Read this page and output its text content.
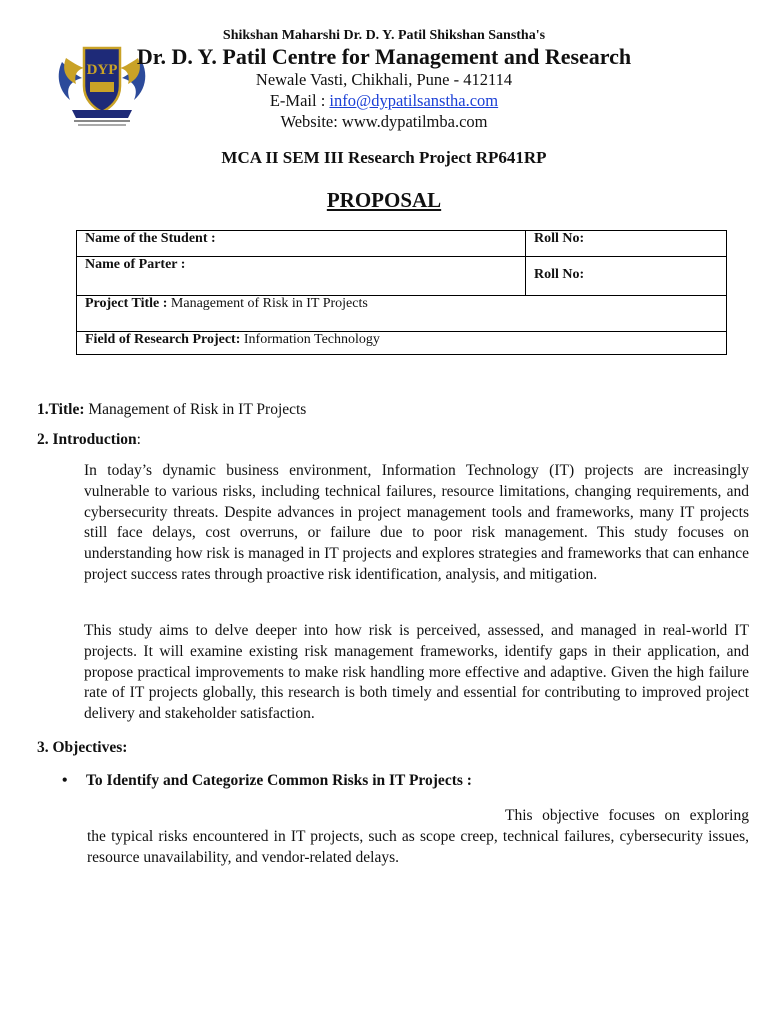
DYP
Shikshan Maharshi Dr. D. Y. Patil Shikshan Sanstha's
Dr. D. Y. Patil Centre for Management and Research
Newale Vasti, Chikhali, Pune - 412114
E-Mail : info@dypatilsanstha.com
Website: www.dypatilmba.com
MCA II SEM III Research Project RP641RP
PROPOSAL
Name of the Student :	Roll No:
Name of Parter :	Roll No:
Project Title : Management of Risk in IT Projects	
Field of Research Project: Information Technology	
1.Title: Management of Risk in IT Projects
2. Introduction:

In today’s dynamic business environment, Information Technology (IT) projects are increasingly vulnerable to various risks, including technical failures, resource limitations, changing requirements, and cybersecurity threats. Despite advances in project management tools and frameworks, many IT projects still face delays, cost overruns, or failure due to poor risk management. This study focuses on understanding how risk is managed in IT projects and explores strategies and frameworks that can enhance project success rates through proactive risk identification, analysis, and mitigation.

This study aims to delve deeper into how risk is perceived, assessed, and managed in real-world IT projects. It will examine existing risk management frameworks, identify gaps in their application, and propose practical improvements to make risk handling more effective and adaptive. Given the high failure rate of IT projects globally, this research is both timely and essential for contributing to improved project delivery and stakeholder satisfaction.

3. Objectives:
• To Identify and Categorize Common Risks in IT Projects :

This objective focuses on exploring the typical risks encountered in IT projects, such as scope creep, technical failures, cybersecurity issues, resource unavailability, and vendor-related delays.
